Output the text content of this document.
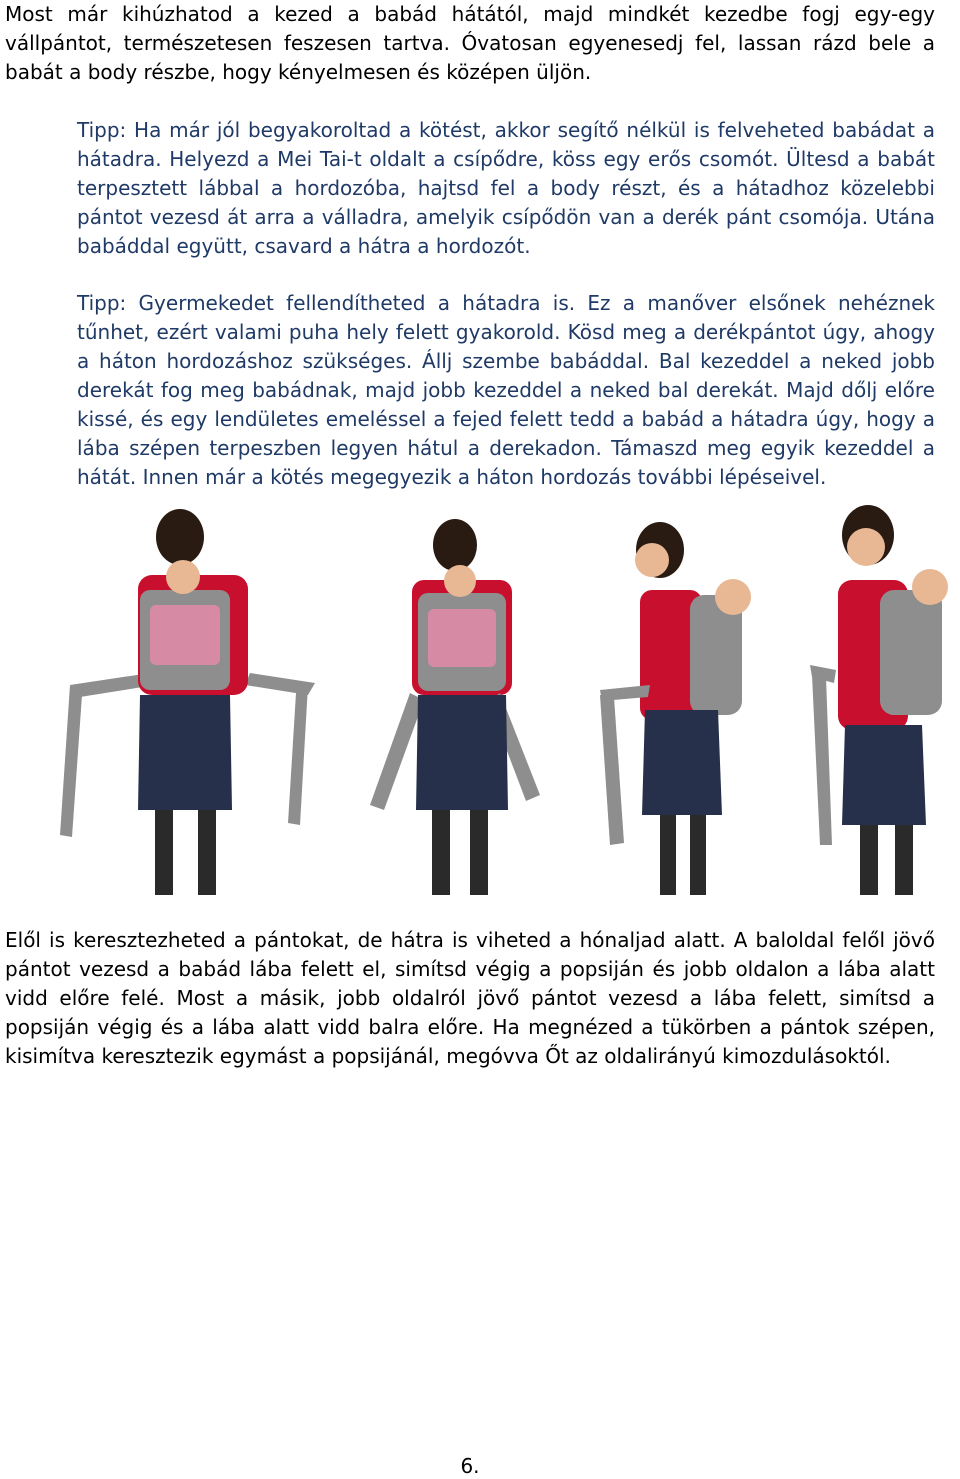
Most már kihúzhatod a kezed a babád hátától, majd mindkét kezedbe fogj egy-egy vállpántot, természetesen feszesen tartva. Óvatosan egyenesedj fel, lassan rázd bele a babát a body részbe, hogy kényelmesen és középen üljön.

Tipp: Ha már jól begyakoroltad a kötést, akkor segítő nélkül is felveheted babádat a hátadra. Helyezd a Mei Tai-t oldalt a csípődre, köss egy erős csomót. Ültesd a babát terpesztett lábbal a hordozóba, hajtsd fel a body részt, és a hátadhoz közelebbi pántot vezesd át arra a válladra, amelyik csípődön van a derék pánt csomója. Utána babáddal együtt, csavard a hátra a hordozót.

Tipp: Gyermekedet fellendítheted a hátadra is. Ez a manőver elsőnek nehéznek tűnhet, ezért valami puha hely felett gyakorold. Kösd meg a derékpántot úgy, ahogy a háton hordozáshoz szükséges. Állj szembe babáddal. Bal kezeddel a neked jobb derekát fog meg babádnak, majd jobb kezeddel a neked bal derekát. Majd dőlj előre kissé, és egy lendületes emeléssel a fejed felett tedd a babád a hátadra úgy, hogy a lába szépen terpeszben legyen hátul a derekadon. Támaszd meg egyik kezeddel a hátát. Innen már a kötés megegyezik a háton hordozás további lépéseivel.

Elől is keresztezheted a pántokat, de hátra is viheted a hónaljad alatt. A baloldal felől jövő pántot vezesd a babád lába felett el, simítsd végig a popsiján és jobb oldalon a lába alatt vidd előre felé. Most a másik, jobb oldalról jövő pántot vezesd a lába felett, simítsd a popsiján végig és a lába alatt vidd balra előre. Ha megnézed a tükörben a pántok szépen, kisimítva keresztezik egymást a popsijánál, megóvva Őt az oldalirányú kimozdulásoktól.

6.
